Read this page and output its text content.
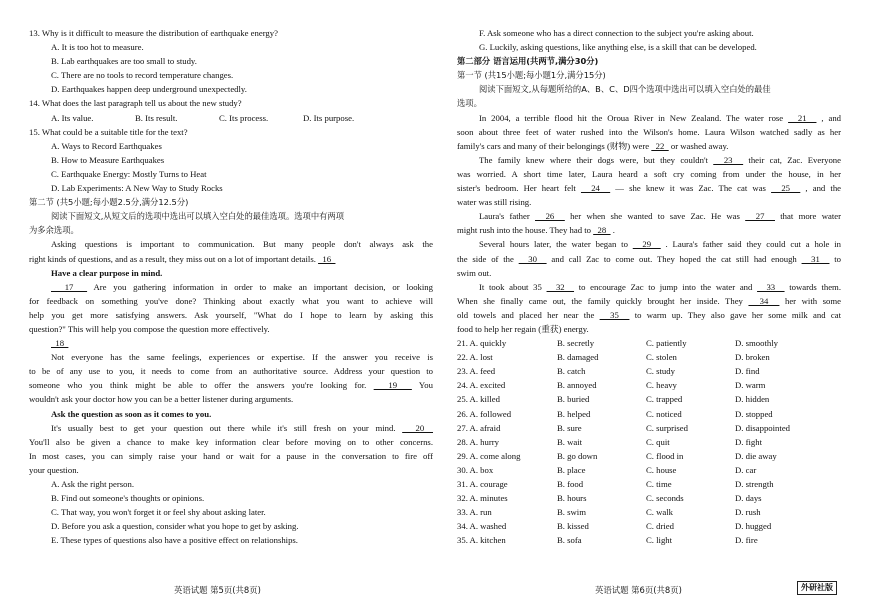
13. Why is it difficult to measure the distribution of earthquake energy?
A. It is too hot to measure.
B. Lab earthquakes are too small to study.
C. There are no tools to record temperature changes.
D. Earthquakes happen deep underground unexpectedly.
14. What does the last paragraph tell us about the new study?
A. Its value.	B. Its result.	C. Its process.	D. Its purpose.
15. What could be a suitable title for the text?
A. Ways to Record Earthquakes
B. How to Measure Earthquakes
C. Earthquake Energy: Mostly Turns to Heat
D. Lab Experiments: A New Way to Study Rocks
第二节 (共5小题;每小题2.5分,满分12.5分)
阅读下面短文,从短文后的选项中选出可以填入空白处的最佳选项。选项中有两项
为多余选项。
Asking questions is important to communication. But many people don't always ask the
right kinds of questions, and as a result, they miss out on a lot of important details.   16
Have a clear purpose in mind.
17   Are you gathering information in order to make an important decision, or looking
for feedback on something you've done? Thinking about exactly what you want to achieve will
help you get more satisfying answers. Ask yourself, "What do I hope to learn by asking this
question?" This will help you compose the question more effectively.
18
Not everyone has the same feelings, experiences or expertise. If the answer you receive is
to be of any use to you, it needs to come from an authoritative source. Address your question to
someone who you think might be able to offer the answers you're looking for.   19   You
wouldn't ask your doctor how you can be a better listener during arguments.
Ask the question as soon as it comes to you.
It's usually best to get your question out there while it's still fresh on your mind.   20
You'll also be given a chance to make key information clear before moving on to other concerns.
In most cases, you can simply raise your hand or wait for a pause in the conversation to fire off
your question.
A. Ask the right person.
B. Find out someone's thoughts or opinions.
C. That way, you won't forget it or feel shy about asking later.
D. Before you ask a question, consider what you hope to get by asking.
E. These types of questions also have a positive effect on relationships.
F. Ask someone who has a direct connection to the subject you're asking about.
G. Luckily, asking questions, like anything else, is a skill that can be developed.
第二部分 语言运用(共两节,满分30分)
第一节 (共15小题;每小题1分,满分15分)
阅读下面短文,从每题所给的A、B、C、D四个选项中选出可以填入空白处的最佳
选项。
In 2004, a terrible flood hit the Oroua River in New Zealand. The water rose   21   , and
soon about three feet of water rushed into the Wilson's home. Laura Wilson watched sadly as her
family's cars and many of their belongings (财物) were   22   or washed away.
The family knew where their dogs were, but they couldn't   23   their cat, Zac. Everyone
was worried. A short time later, Laura heard a soft cry coming from under the house, in her
sister's bedroom. Her heart felt   24   — she knew it was Zac. The cat was   25   , and the
water was still rising.
Laura's father   26   her when she wanted to save Zac. He was   27   that more water
might rush into the house. They had to   28   .
Several hours later, the water began to   29   . Laura's father said they could cut a hole in
the side of the   30   and call Zac to come out. They hoped the cat still had enough   31   to
swim out.
It took about 35   32   to encourage Zac to jump into the water and   33   towards them.
When she finally came out, the family quickly brought her inside. They   34   her with some
old towels and placed her near the   35   to warm up. They also gave her some milk and cat
food to help her regain (重获) energy.
21. A. quickly	B. secretly	C. patiently	D. smoothly
22. A. lost	B. damaged	C. stolen	D. broken
23. A. feed	B. catch	C. study	D. find
24. A. excited	B. annoyed	C. heavy	D. warm
25. A. killed	B. buried	C. trapped	D. hidden
26. A. followed	B. helped	C. noticed	D. stopped
27. A. afraid	B. sure	C. surprised	D. disappointed
28. A. hurry	B. wait	C. quit	D. fight
29. A. come along	B. go down	C. flood in	D. die away
30. A. box	B. place	C. house	D. car
31. A. courage	B. food	C. time	D. strength
32. A. minutes	B. hours	C. seconds	D. days
33. A. run	B. swim	C. walk	D. rush
34. A. washed	B. kissed	C. dried	D. hugged
35. A. kitchen	B. sofa	C. light	D. fire
英语试题 第5页(共8页)	英语试题 第6页(共8页)	外研社版
